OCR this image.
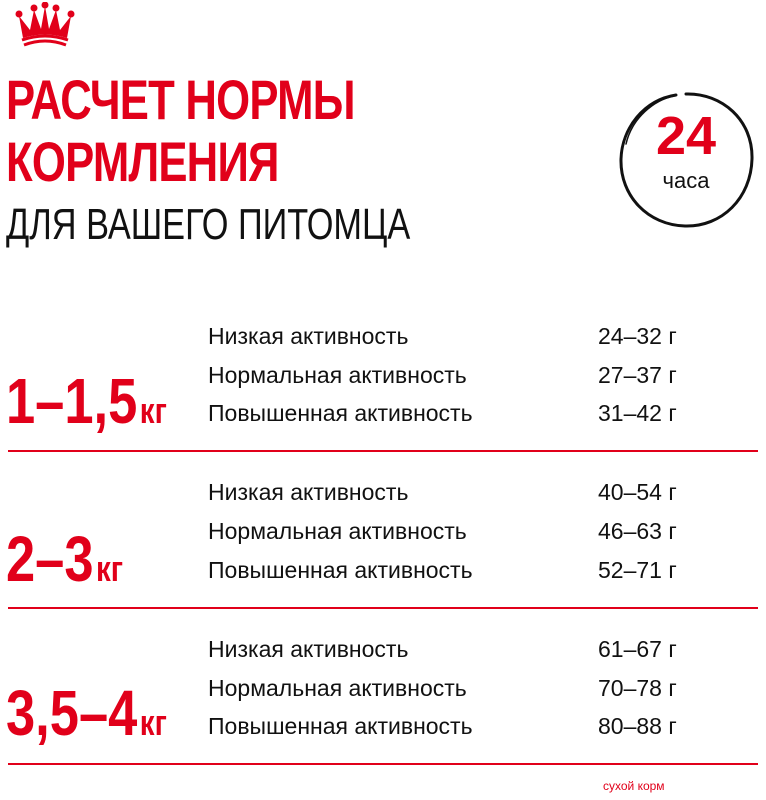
РАСЧЕТ НОРМЫ
КОРМЛЕНИЯ
ДЛЯ ВАШЕГО ПИТОМЦА
24
часа
1–1,5кг
Низкая активность	24–32 г
Нормальная активность	27–37 г
Повышенная активность	31–42 г
2–3кг
Низкая активность	40–54 г
Нормальная активность	46–63 г
Повышенная активность	52–71 г
3,5–4кг
Низкая активность	61–67 г
Нормальная активность	70–78 г
Повышенная активность	80–88 г
сухой корм
